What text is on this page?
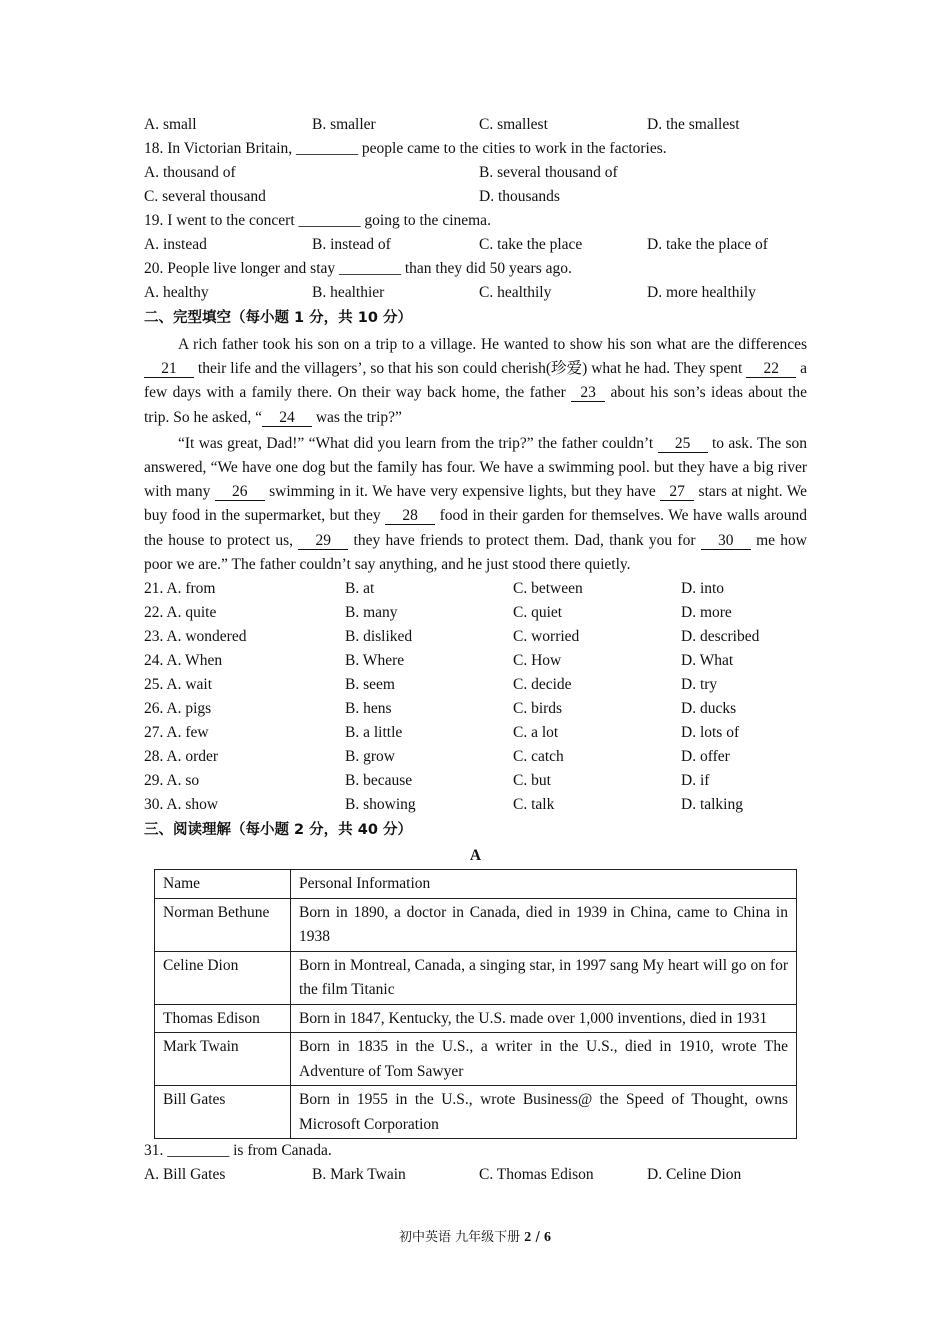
A. small	B. smaller	C. smallest	D. the smallest
18. In Victorian Britain, ________ people came to the cities to work in the factories.
A. thousand of	B. several thousand of
C. several thousand	D. thousands
19. I went to the concert ________ going to the cinema.
A. instead	B. instead of	C. take the place	D. take the place of
20. People live longer and stay ________ than they did 50 years ago.
A. healthy	B. healthier	C. healthily	D. more healthily
二、完型填空（每小题 1 分，共 10 分）

A rich father took his son on a trip to a village. He wanted to show his son what are the differences 21 their life and the villagers’, so that his son could cherish(珍爱) what he had. They spent 22 a few days with a family there. On their way back home, the father 23 about his son’s ideas about the trip. So he asked, “ 24 was the trip?”

“It was great, Dad!” “What did you learn from the trip?” the father couldn’t 25 to ask. The son answered, “We have one dog but the family has four. We have a swimming pool. but they have a big river with many 26 swimming in it. We have very expensive lights, but they have 27 stars at night. We buy food in the supermarket, but they 28 food in their garden for themselves. We have walls around the house to protect us, 29 they have friends to protect them. Dad, thank you for 30 me how poor we are.” The father couldn’t say anything, and he just stood there quietly.

21. A. from	B. at	C. between	D. into
22. A. quite	B. many	C. quiet	D. more
23. A. wondered	B. disliked	C. worried	D. described
24. A. When	B. Where	C. How	D. What
25. A. wait	B. seem	C. decide	D. try
26. A. pigs	B. hens	C. birds	D. ducks
27. A. few	B. a little	C. a lot	D. lots of
28. A. order	B. grow	C. catch	D. offer
29. A. so	B. because	C. but	D. if
30. A. show	B. showing	C. talk	D. talking
三、阅读理解（每小题 2 分，共 40 分）
A
Name	Personal Information
Norman Bethune	Born in 1890, a doctor in Canada, died in 1939 in China, came to China in 1938
Celine Dion	Born in Montreal, Canada, a singing star, in 1997 sang My heart will go on for the film Titanic
Thomas Edison	Born in 1847, Kentucky, the U.S. made over 1,000 inventions, died in 1931
Mark Twain	Born in 1835 in the U.S., a writer in the U.S., died in 1910, wrote The Adventure of Tom Sawyer
Bill Gates	Born in 1955 in the U.S., wrote Business@ the Speed of Thought, owns Microsoft Corporation
31. ________ is from Canada.
A. Bill Gates	B. Mark Twain	C. Thomas Edison	D. Celine Dion
初中英语 九年级下册 2 / 6
